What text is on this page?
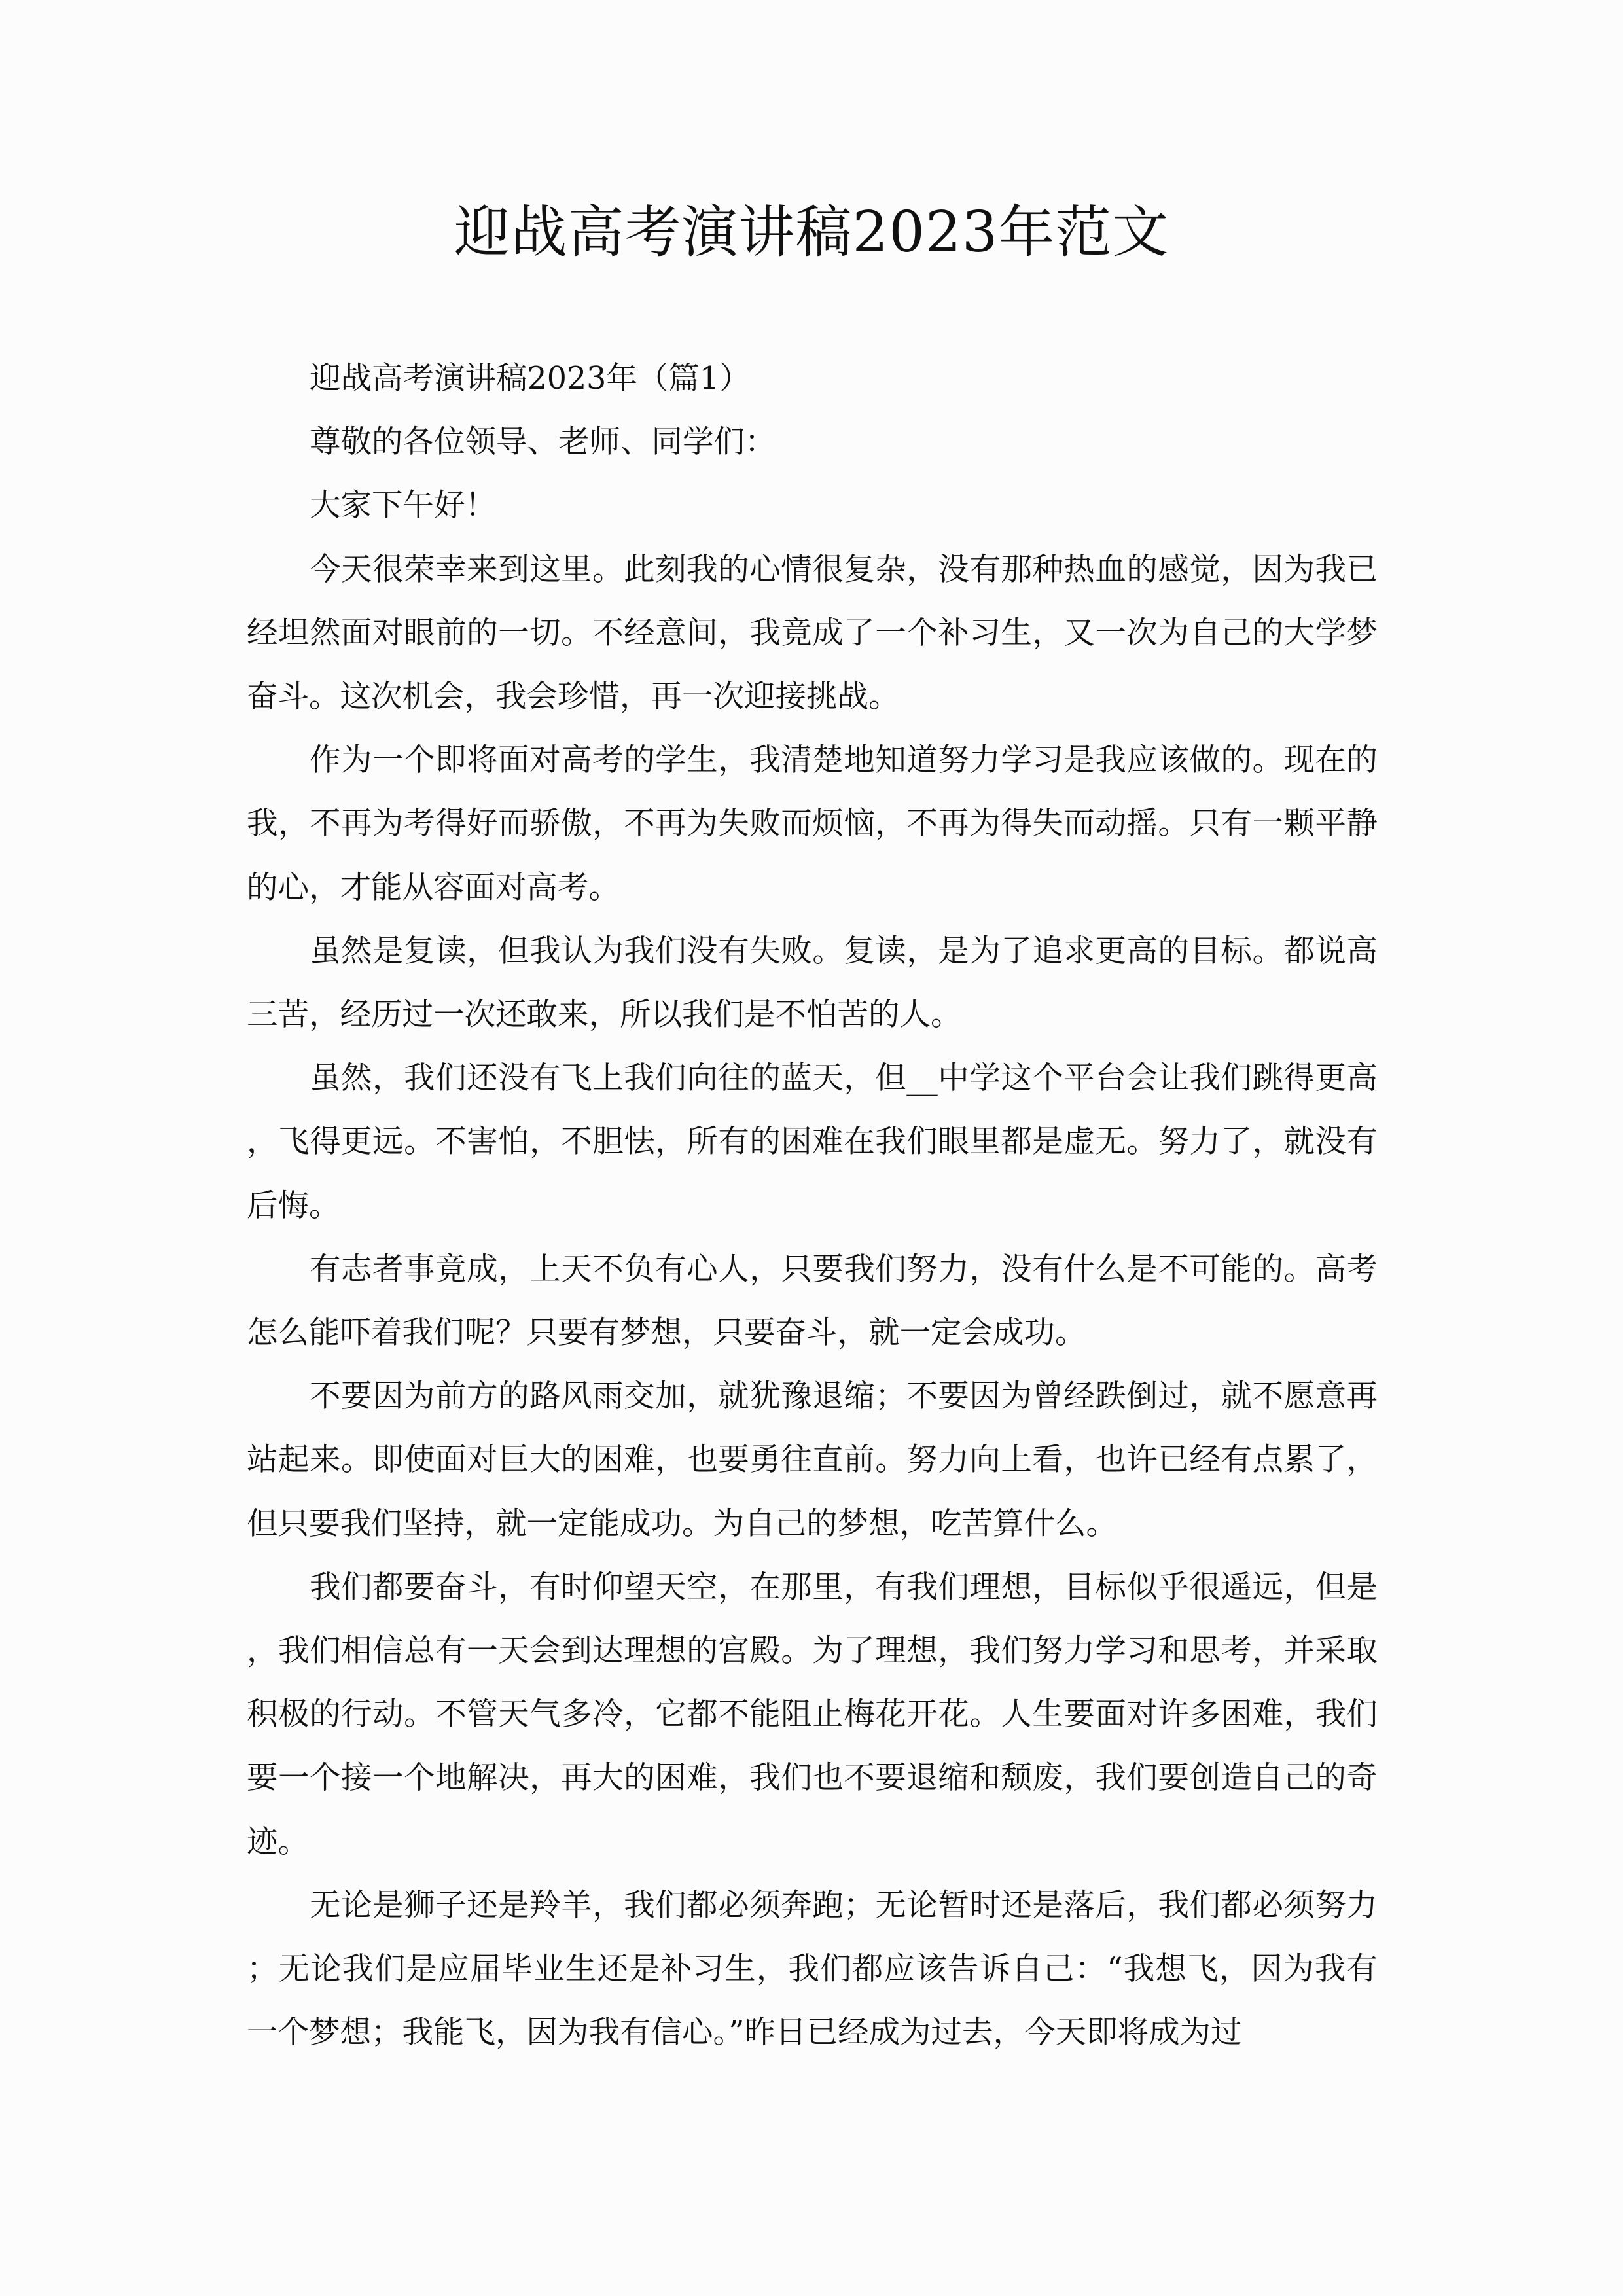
迎战高考演讲稿2023年范文

迎战高考演讲稿2023年（篇1）

尊敬的各位领导、老师、同学们：

大家下午好！

今天很荣幸来到这里。此刻我的心情很复杂，没有那种热血的感觉，因为我已经坦然面对眼前的一切。不经意间，我竟成了一个补习生，又一次为自己的大学梦奋斗。这次机会，我会珍惜，再一次迎接挑战。

作为一个即将面对高考的学生，我清楚地知道努力学习是我应该做的。现在的我，不再为考得好而骄傲，不再为失败而烦恼，不再为得失而动摇。只有一颗平静的心，才能从容面对高考。

虽然是复读，但我认为我们没有失败。复读，是为了追求更高的目标。都说高三苦，经历过一次还敢来，所以我们是不怕苦的人。

虽然，我们还没有飞上我们向往的蓝天，但__中学这个平台会让我们跳得更高，飞得更远。不害怕，不胆怯，所有的困难在我们眼里都是虚无。努力了，就没有后悔。

有志者事竟成，上天不负有心人，只要我们努力，没有什么是不可能的。高考怎么能吓着我们呢？只要有梦想，只要奋斗，就一定会成功。

不要因为前方的路风雨交加，就犹豫退缩；不要因为曾经跌倒过，就不愿意再站起来。即使面对巨大的困难，也要勇往直前。努力向上看，也许已经有点累了，但只要我们坚持，就一定能成功。为自己的梦想，吃苦算什么。

我们都要奋斗，有时仰望天空，在那里，有我们理想，目标似乎很遥远，但是，我们相信总有一天会到达理想的宫殿。为了理想，我们努力学习和思考，并采取积极的行动。不管天气多冷，它都不能阻止梅花开花。人生要面对许多困难，我们要一个接一个地解决，再大的困难，我们也不要退缩和颓废，我们要创造自己的奇迹。

无论是狮子还是羚羊，我们都必须奔跑；无论暂时还是落后，我们都必须努力；无论我们是应届毕业生还是补习生，我们都应该告诉自己：“我想飞，因为我有一个梦想；我能飞，因为我有信心。”昨日已经成为过去，今天即将成为过
